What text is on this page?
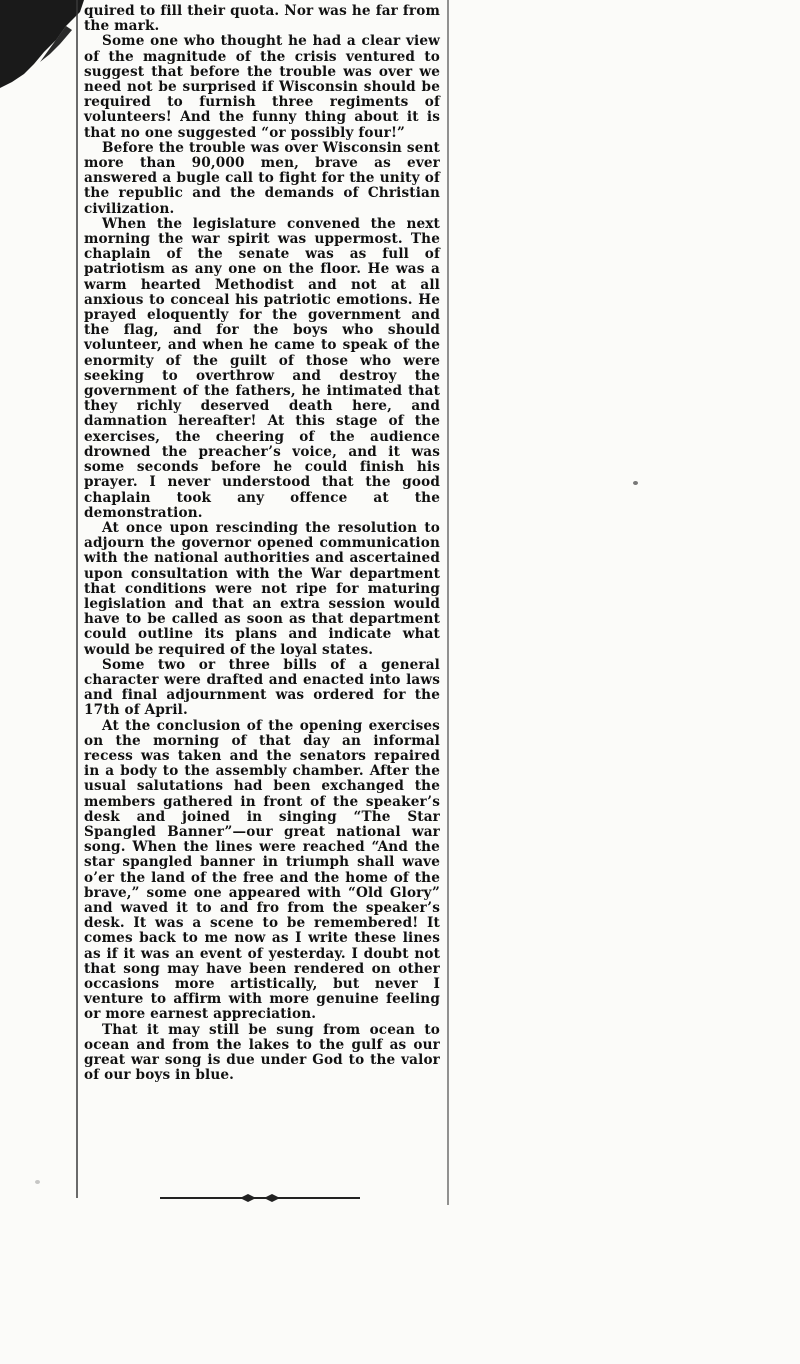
quired to fill their quota. Nor was he far from the mark.

Some one who thought he had a clear view of the magnitude of the crisis ventured to suggest that before the trouble was over we need not be surprised if Wisconsin should be required to furnish three regiments of volunteers! And the funny thing about it is that no one suggested “or possibly four!”

Before the trouble was over Wisconsin sent more than 90,000 men, brave as ever answered a bugle call to fight for the unity of the republic and the demands of Christian civilization.

When the legislature convened the next morning the war spirit was uppermost. The chaplain of the senate was as full of patriotism as any one on the floor. He was a warm hearted Methodist and not at all anxious to conceal his patriotic emotions. He prayed eloquently for the government and the flag, and for the boys who should volunteer, and when he came to speak of the enormity of the guilt of those who were seeking to overthrow and destroy the government of the fathers, he intimated that they richly deserved death here, and damnation hereafter! At this stage of the exercises, the cheering of the audience drowned the preacher’s voice, and it was some seconds before he could finish his prayer. I never understood that the good chaplain took any offence at the demonstration.

At once upon rescinding the resolution to adjourn the governor opened communication with the national authorities and ascertained upon consultation with the War department that conditions were not ripe for maturing legislation and that an extra session would have to be called as soon as that department could outline its plans and indicate what would be required of the loyal states.

Some two or three bills of a general character were drafted and enacted into laws and final adjournment was ordered for the 17th of April.

At the conclusion of the opening exercises on the morning of that day an informal recess was taken and the senators repaired in a body to the assembly chamber. After the usual salutations had been exchanged the members gathered in front of the speaker’s desk and joined in singing “The Star Spangled Banner”—our great national war song. When the lines were reached “And the star spangled banner in triumph shall wave o’er the land of the free and the home of the brave,” some one appeared with “Old Glory” and waved it to and fro from the speaker’s desk. It was a scene to be remembered! It comes back to me now as I write these lines as if it was an event of yesterday. I doubt not that song may have been rendered on other occasions more artistically, but never I venture to affirm with more genuine feeling or more earnest appreciation.

That it may still be sung from ocean to ocean and from the lakes to the gulf as our great war song is due under God to the valor of our boys in blue.
